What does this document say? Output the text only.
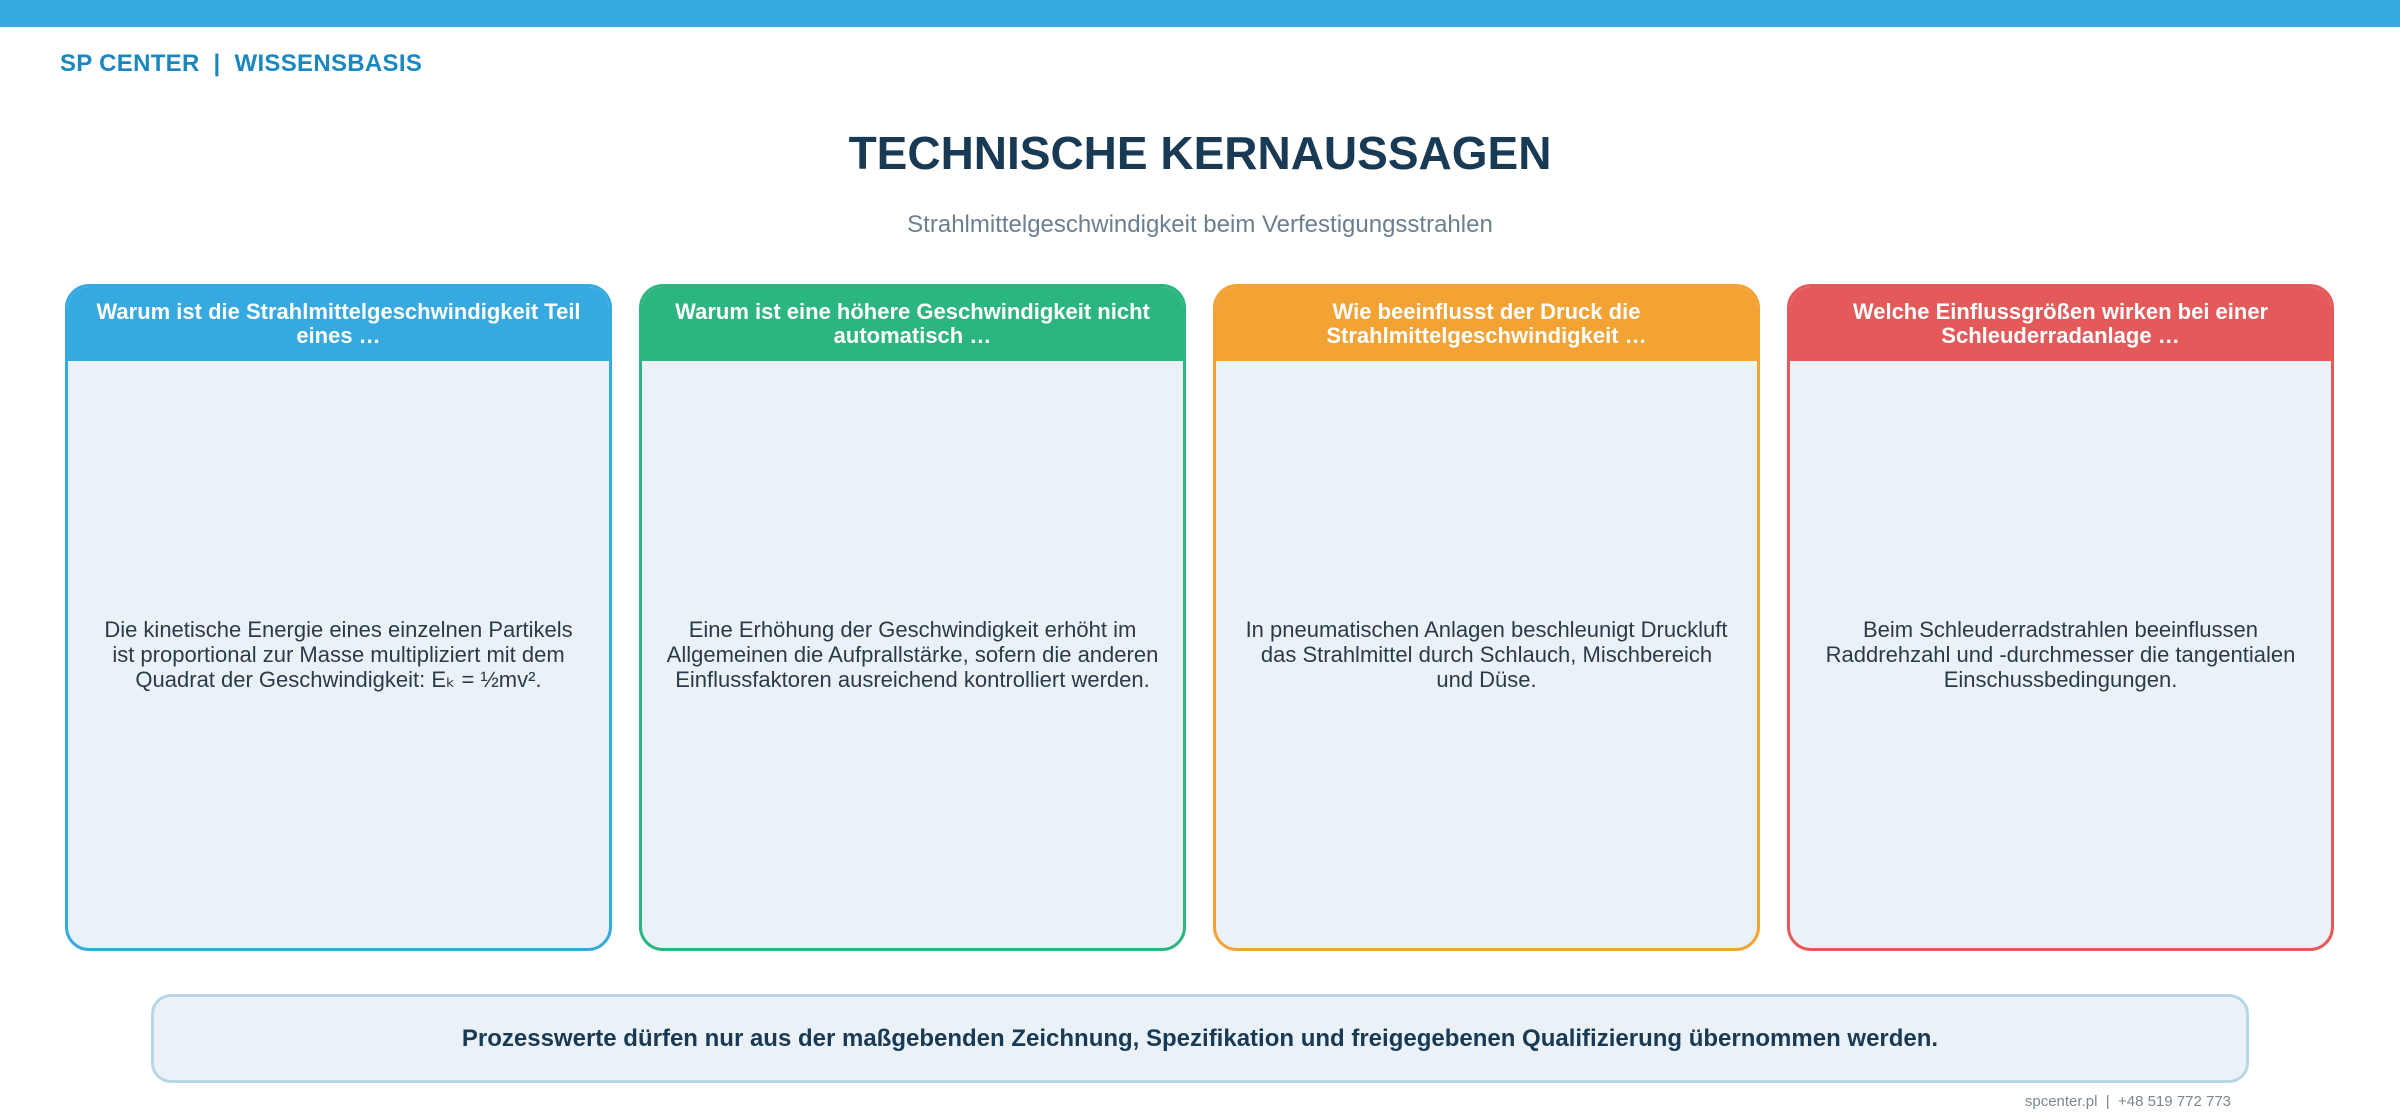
SP CENTER  |  WISSENSBASIS
TECHNISCHE KERNAUSSAGEN
Strahlmittelgeschwindigkeit beim Verfestigungsstrahlen
Warum ist die Strahlmittelgeschwindigkeit Teil eines …
Die kinetische Energie eines einzelnen Partikels ist proportional zur Masse multipliziert mit dem Quadrat der Geschwindigkeit: Eₖ = ½mv².
Warum ist eine höhere Geschwindigkeit nicht automatisch …
Eine Erhöhung der Geschwindigkeit erhöht im Allgemeinen die Aufprallstärke, sofern die anderen Einflussfaktoren ausreichend kontrolliert werden.
Wie beeinflusst der Druck die Strahlmittelgeschwindigkeit …
In pneumatischen Anlagen beschleunigt Druckluft das Strahlmittel durch Schlauch, Mischbereich und Düse.
Welche Einflussgrößen wirken bei einer Schleuderradanlage …
Beim Schleuderradstrahlen beeinflussen Raddrehzahl und -durchmesser die tangentialen Einschussbedingungen.
Prozesswerte dürfen nur aus der maßgebenden Zeichnung, Spezifikation und freigegebenen Qualifizierung übernommen werden.
spcenter.pl  |  +48 519 772 773
